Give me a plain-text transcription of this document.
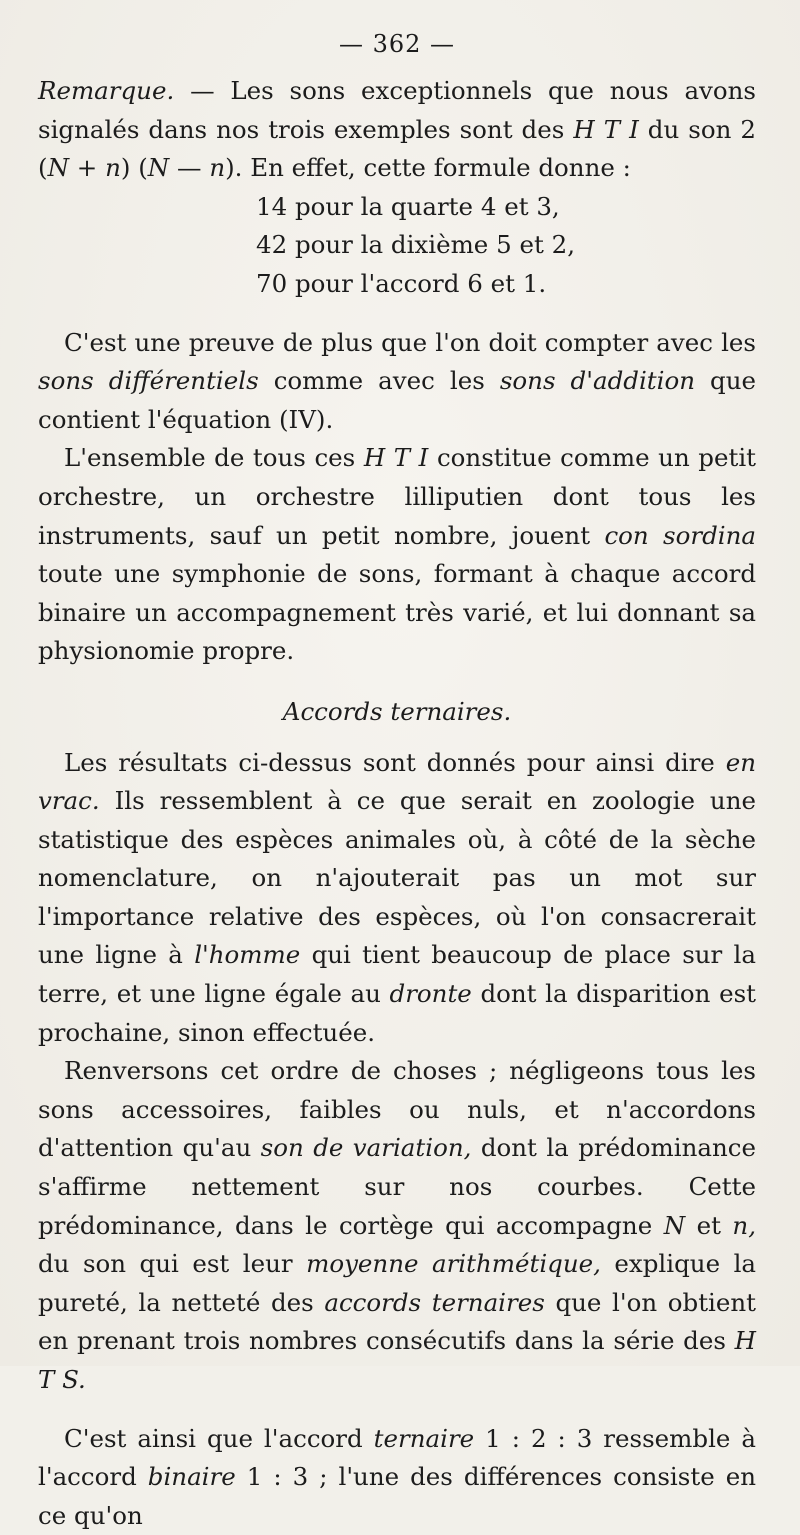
— 362 —

Remarque. — Les sons exceptionnels que nous avons signalés dans nos trois exemples sont des H T I du son 2 (N + n) (N — n). En effet, cette formule donne :

14 pour la quarte 4 et 3,
42 pour la dixième 5 et 2,
70 pour l'accord 6 et 1.

C'est une preuve de plus que l'on doit compter avec les sons différentiels comme avec les sons d'addition que contient l'équation (IV).

L'ensemble de tous ces H T I constitue comme un petit orchestre, un orchestre lilliputien dont tous les instruments, sauf un petit nombre, jouent con sordina toute une symphonie de sons, formant à chaque accord binaire un accompagnement très varié, et lui donnant sa physionomie propre.

Accords ternaires.

Les résultats ci-dessus sont donnés pour ainsi dire en vrac. Ils ressemblent à ce que serait en zoologie une statistique des espèces animales où, à côté de la sèche nomenclature, on n'ajouterait pas un mot sur l'importance relative des espèces, où l'on consacrerait une ligne à l'homme qui tient beaucoup de place sur la terre, et une ligne égale au dronte dont la disparition est prochaine, sinon effectuée.

Renversons cet ordre de choses ; négligeons tous les sons accessoires, faibles ou nuls, et n'accordons d'attention qu'au son de variation, dont la prédominance s'affirme nettement sur nos courbes. Cette prédominance, dans le cortège qui accompagne N et n, du son qui est leur moyenne arithmétique, explique la pureté, la netteté des accords ternaires que l'on obtient en prenant trois nombres consécutifs dans la série des H T S.

C'est ainsi que l'accord ternaire 1 : 2 : 3 ressemble à l'accord binaire 1 : 3 ; l'une des différences consiste en ce qu'on
